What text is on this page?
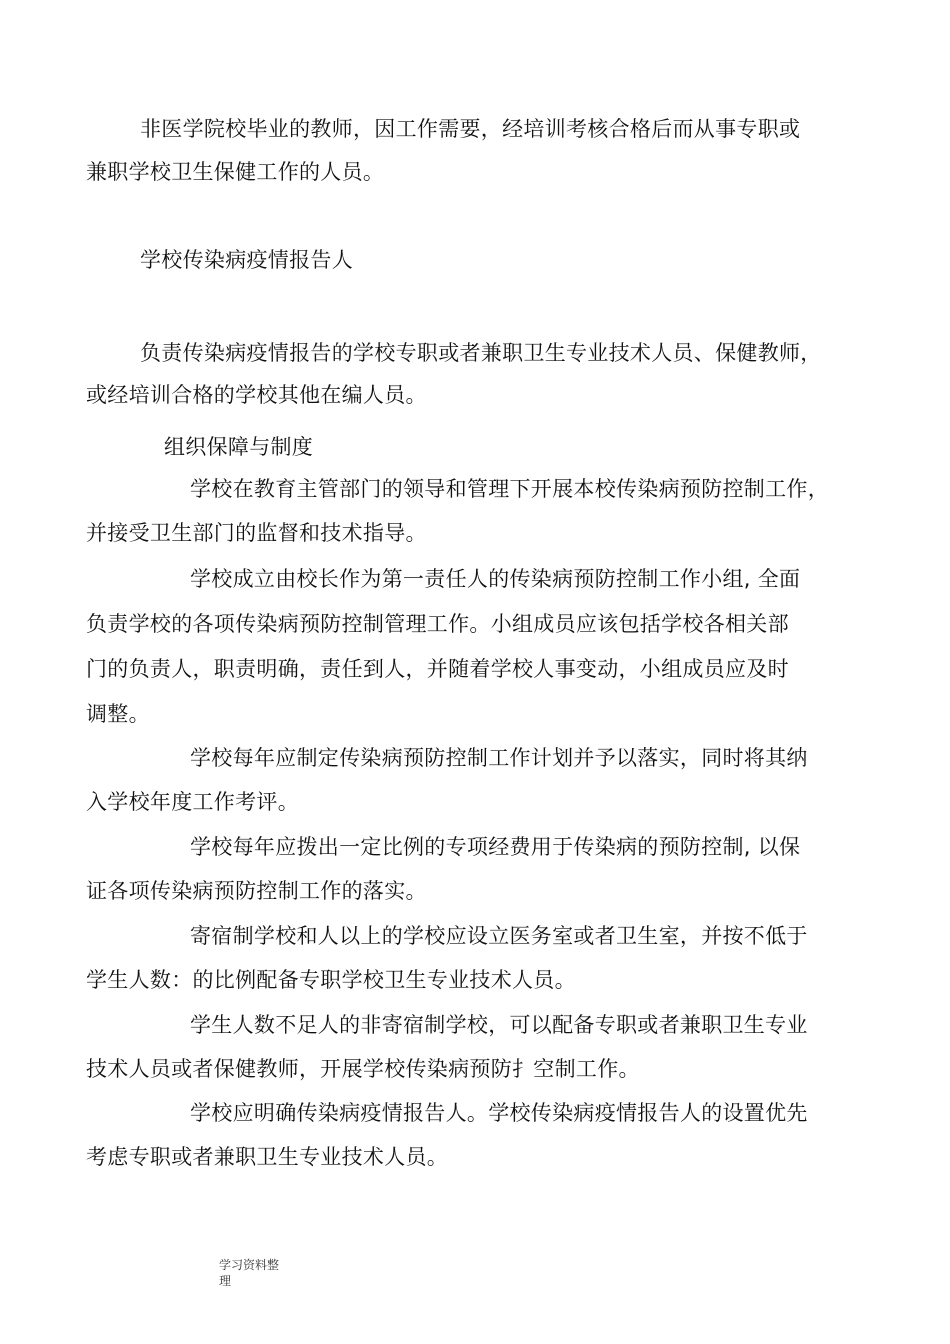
非医学院校毕业的教师，因工作需要，经培训考核合格后而从事专职或
兼职学校卫生保健工作的人员。
学校传染病疫情报告人
负责传染病疫情报告的学校专职或者兼职卫生专业技术人员、保健教师，
或经培训合格的学校其他在编人员。
组织保障与制度
学校在教育主管部门的领导和管理下开展本校传染病预防控制工作，
并接受卫生部门的监督和技术指导。
学校成立由校长作为第一责任人的传染病预防控制工作小组, 全面
负责学校的各项传染病预防控制管理工作。小组成员应该包括学校各相关部
门的负责人，职责明确，责任到人，并随着学校人事变动，小组成员应及时
调整。
学校每年应制定传染病预防控制工作计划并予以落实，同时将其纳
入学校年度工作考评。
学校每年应拨出一定比例的专项经费用于传染病的预防控制, 以保
证各项传染病预防控制工作的落实。
寄宿制学校和人以上的学校应设立医务室或者卫生室，并按不低于
学生人数：的比例配备专职学校卫生专业技术人员。
学生人数不足人的非寄宿制学校，可以配备专职或者兼职卫生专业
技术人员或者保健教师，开展学校传染病预防扌空制工作。
学校应明确传染病疫情报告人。学校传染病疫情报告人的设置优先
考虑专职或者兼职卫生专业技术人员。
学习资料整
理
